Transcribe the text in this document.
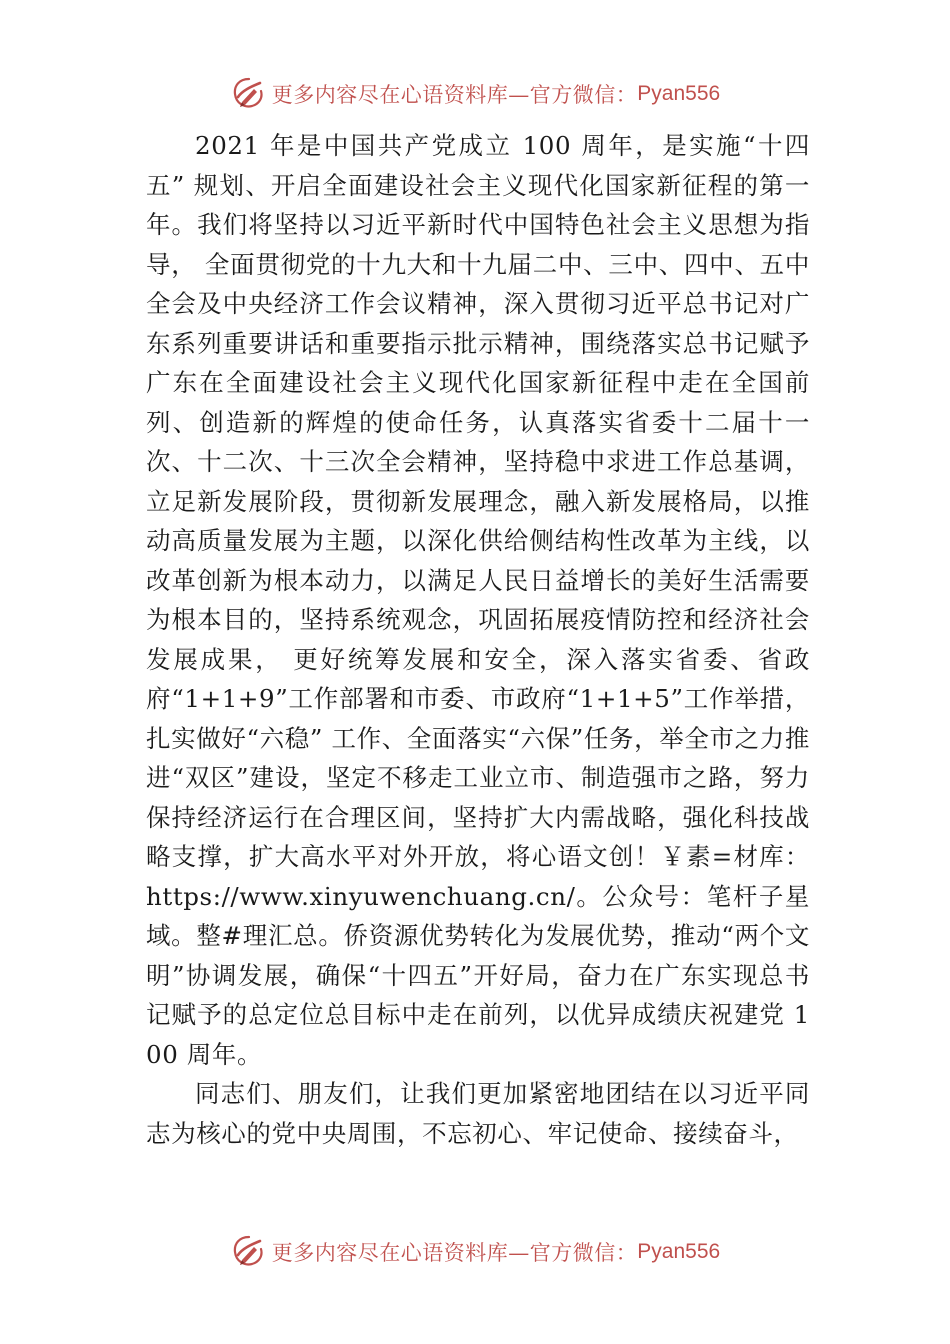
更多内容尽在心语资料库—官方微信： Pyan556

2021 年是中国共产党成立 100 周年，是实施“十四五” 规划、开启全面建设社会主义现代化国家新征程的第一年。我们将坚持以习近平新时代中国特色社会主义思想为指导， 全面贯彻党的十九大和十九届二中、三中、四中、五中全会及中央经济工作会议精神，深入贯彻习近平总书记对广东系列重要讲话和重要指示批示精神，围绕落实总书记赋予广东在全面建设社会主义现代化国家新征程中走在全国前列、创造新的辉煌的使命任务，认真落实省委十二届十一次、十二次、十三次全会精神，坚持稳中求进工作总基调，立足新发展阶段，贯彻新发展理念，融入新发展格局，以推动高质量发展为主题，以深化供给侧结构性改革为主线，以改革创新为根本动力，以满足人民日益增长的美好生活需要为根本目的，坚持系统观念，巩固拓展疫情防控和经济社会发展成果， 更好统筹发展和安全，深入落实省委、省政府“1+1+9”工作部署和市委、市政府“1+1+5”工作举措，扎实做好“六稳” 工作、全面落实“六保”任务，举全市之力推进“双区”建设，坚定不移走工业立市、制造强市之路，努力保持经济运行在合理区间，坚持扩大内需战略，强化科技战略支撑，扩大高水平对外开放，将心语文创！￥素=材库：https://www.xinyuwenchuang.cn/。公众号：笔杆子星域。整#理汇总。侨资源优势转化为发展优势，推动“两个文明”协调发展，确保“十四五”开好局，奋力在广东实现总书记赋予的总定位总目标中走在前列，以优异成绩庆祝建党 100 周年。

同志们、朋友们，让我们更加紧密地团结在以习近平同志为核心的党中央周围，不忘初心、牢记使命、接续奋斗，

更多内容尽在心语资料库—官方微信： Pyan556
